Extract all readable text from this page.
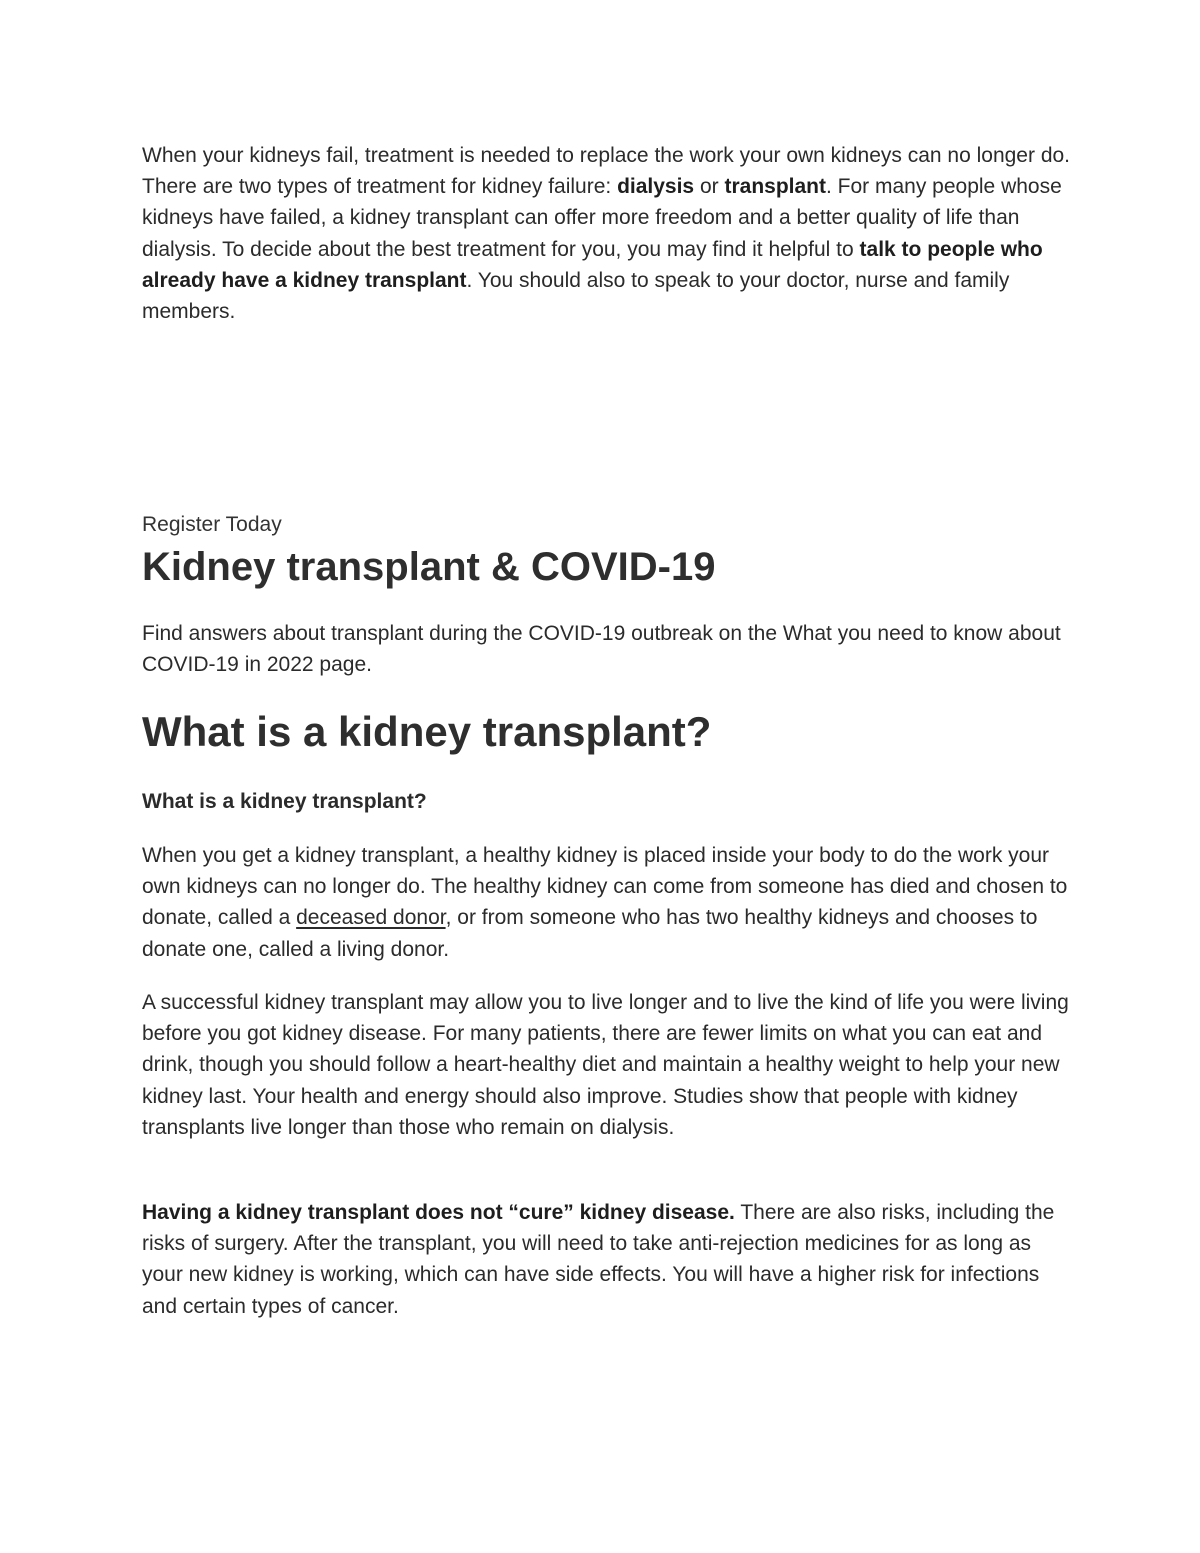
When your kidneys fail, treatment is needed to replace the work your own kidneys can no longer do. There are two types of treatment for kidney failure: dialysis or transplant. For many people whose kidneys have failed, a kidney transplant can offer more freedom and a better quality of life than dialysis. To decide about the best treatment for you, you may find it helpful to talk to people who already have a kidney transplant. You should also to speak to your doctor, nurse and family members.

Register Today
Kidney transplant & COVID-19

Find answers about transplant during the COVID-19 outbreak on the What you need to know about COVID-19 in 2022 page.

What is a kidney transplant?
What is a kidney transplant?

When you get a kidney transplant, a healthy kidney is placed inside your body to do the work your own kidneys can no longer do. The healthy kidney can come from someone has died and chosen to donate, called a deceased donor, or from someone who has two healthy kidneys and chooses to donate one, called a living donor.

A successful kidney transplant may allow you to live longer and to live the kind of life you were living before you got kidney disease. For many patients, there are fewer limits on what you can eat and drink, though you should follow a heart-healthy diet and maintain a healthy weight to help your new kidney last. Your health and energy should also improve. Studies show that people with kidney transplants live longer than those who remain on dialysis.

Having a kidney transplant does not “cure” kidney disease. There are also risks, including the risks of surgery. After the transplant, you will need to take anti-rejection medicines for as long as your new kidney is working, which can have side effects. You will have a higher risk for infections and certain types of cancer.
